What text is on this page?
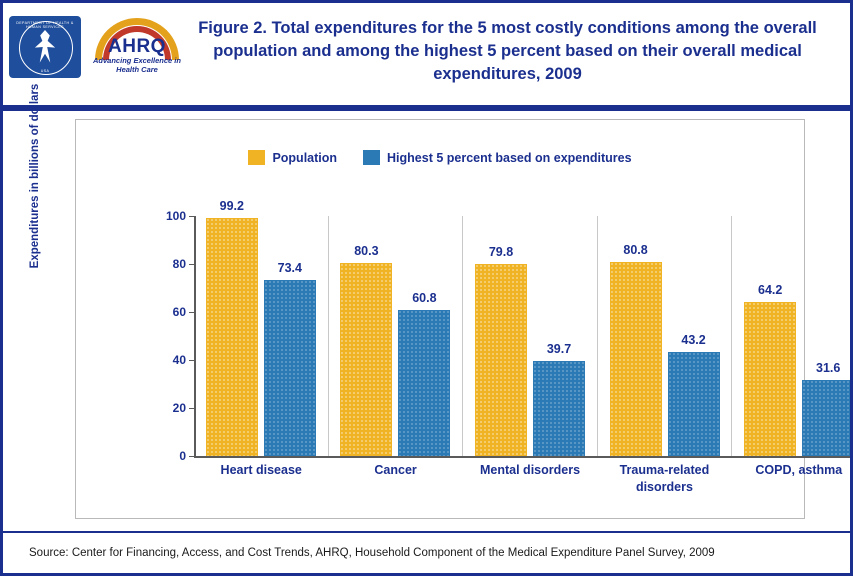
DEPARTMENT OF HEALTH & HUMAN SERVICES
USA
AHRQ
Advancing Excellence in Health Care
Figure 2. Total expenditures for the 5 most costly conditions among the overall population and among the highest 5 percent based on their overall medical expenditures, 2009
Expenditures in billions of dollars	Population	Highest 5 percent based on expenditures
100
80
60
40
20
0
99.2
73.4
80.3
60.8
79.8
39.7
80.8
43.2
64.2
31.6
Heart disease	Cancer	Mental disorders	Trauma-related disorders
COPD, asthma
Source: Center for Financing, Access, and Cost Trends, AHRQ, Household Component of the Medical Expenditure Panel Survey, 2009
